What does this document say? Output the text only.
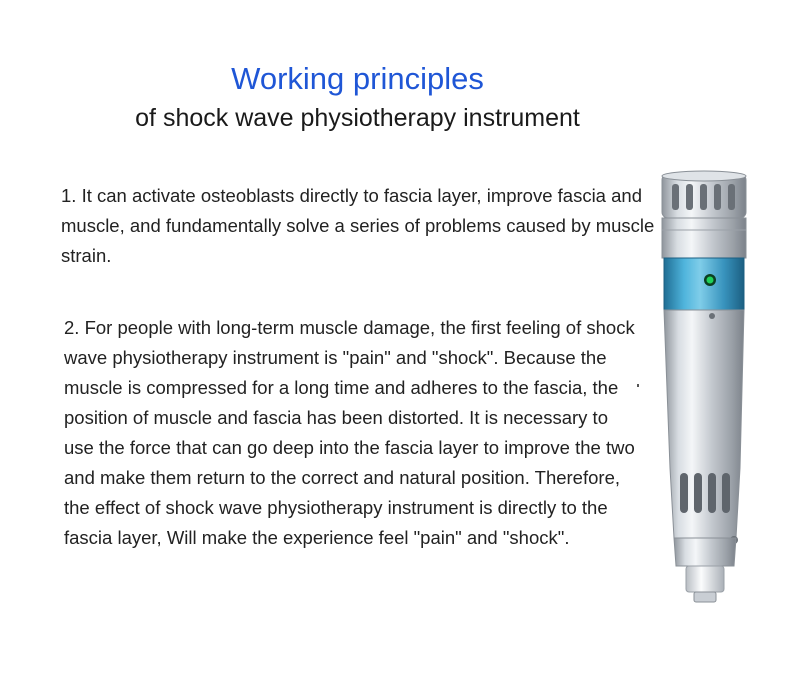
Working principles
of shock wave physiotherapy instrument

1. It can activate osteoblasts directly to fascia layer, improve fascia and muscle, and fundamentally solve a series of problems caused by muscle strain.

2. For people with long-term muscle damage, the first feeling of shock wave physiotherapy instrument is "pain" and "shock". Because the muscle is compressed for a long time and adheres to the fascia, the position of muscle and fascia has been distorted. It is necessary to use the force that can go deep into the fascia layer to improve the two and make them return to the correct and natural position. Therefore, the effect of shock wave physiotherapy instrument is directly to the fascia layer, Will make the experience feel "pain" and "shock".
